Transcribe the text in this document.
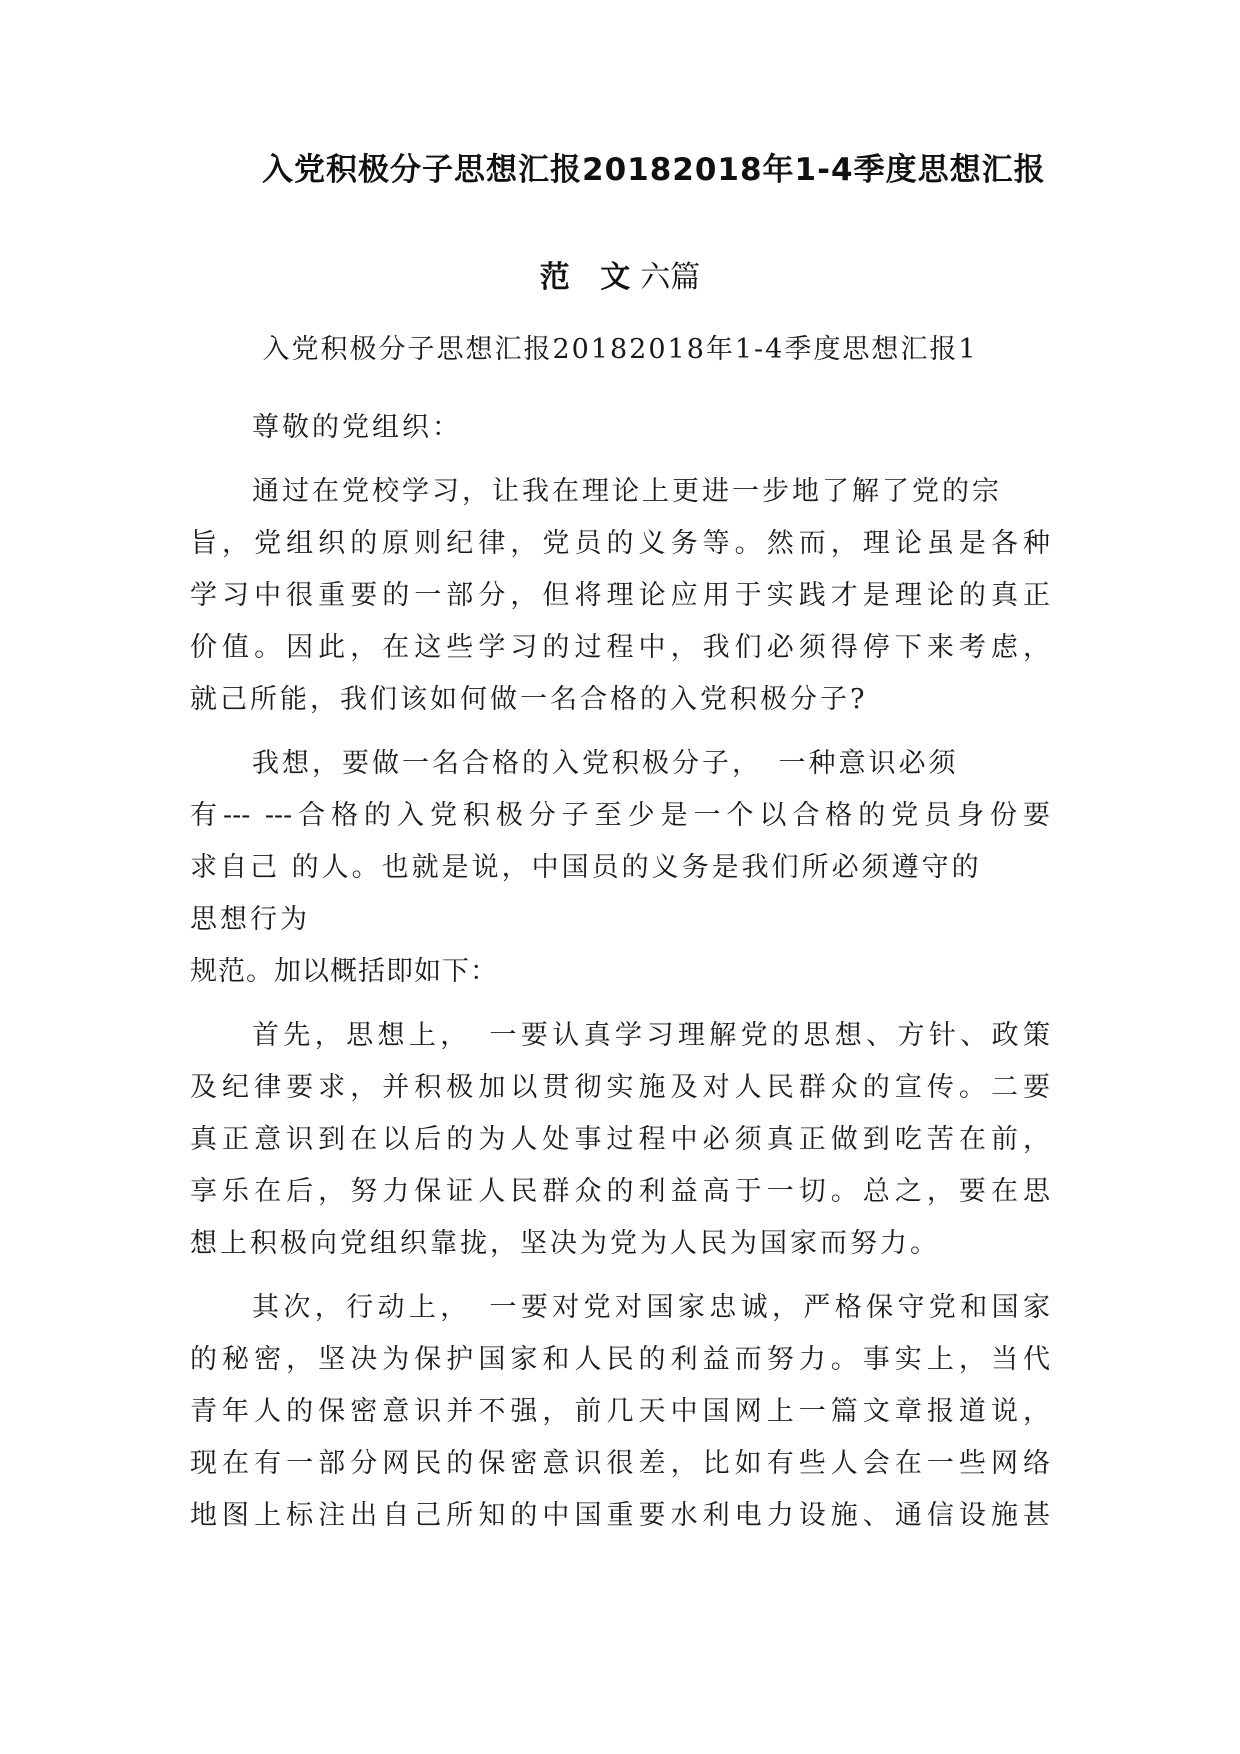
入党积极分子思想汇报20182018年1-4季度思想汇报
范 文六篇
入党积极分子思想汇报20182018年1-4季度思想汇报1
尊敬的党组织：
通过在党校学习，让我在理论上更进一步地了解了党的宗
旨，党组织的原则纪律，党员的义务等。然而，理论虽是各种
学习中很重要的一部分，但将理论应用于实践才是理论的真正
价值。因此，在这些学习的过程中，我们必须得停下来考虑，
就己所能，我们该如何做一名合格的入党积极分子?
我想，要做一名合格的入党积极分子，　一种意识必须
有--- ---合格的入党积极分子至少是一个以合格的党员身份要
求自己 的人。也就是说，中国员的义务是我们所必须遵守的
思想行为
规范。加以概括即如下：
首先，思想上，　一要认真学习理解党的思想、方针、政策
及纪律要求，并积极加以贯彻实施及对人民群众的宣传。二要
真正意识到在以后的为人处事过程中必须真正做到吃苦在前，
享乐在后，努力保证人民群众的利益高于一切。总之，要在思
想上积极向党组织靠拢，坚决为党为人民为国家而努力。
其次，行动上，　一要对党对国家忠诚，严格保守党和国家
的秘密，坚决为保护国家和人民的利益而努力。事实上，当代
青年人的保密意识并不强，前几天中国网上一篇文章报道说，
现在有一部分网民的保密意识很差，比如有些人会在一些网络
地图上标注出自己所知的中国重要水利电力设施、通信设施甚
